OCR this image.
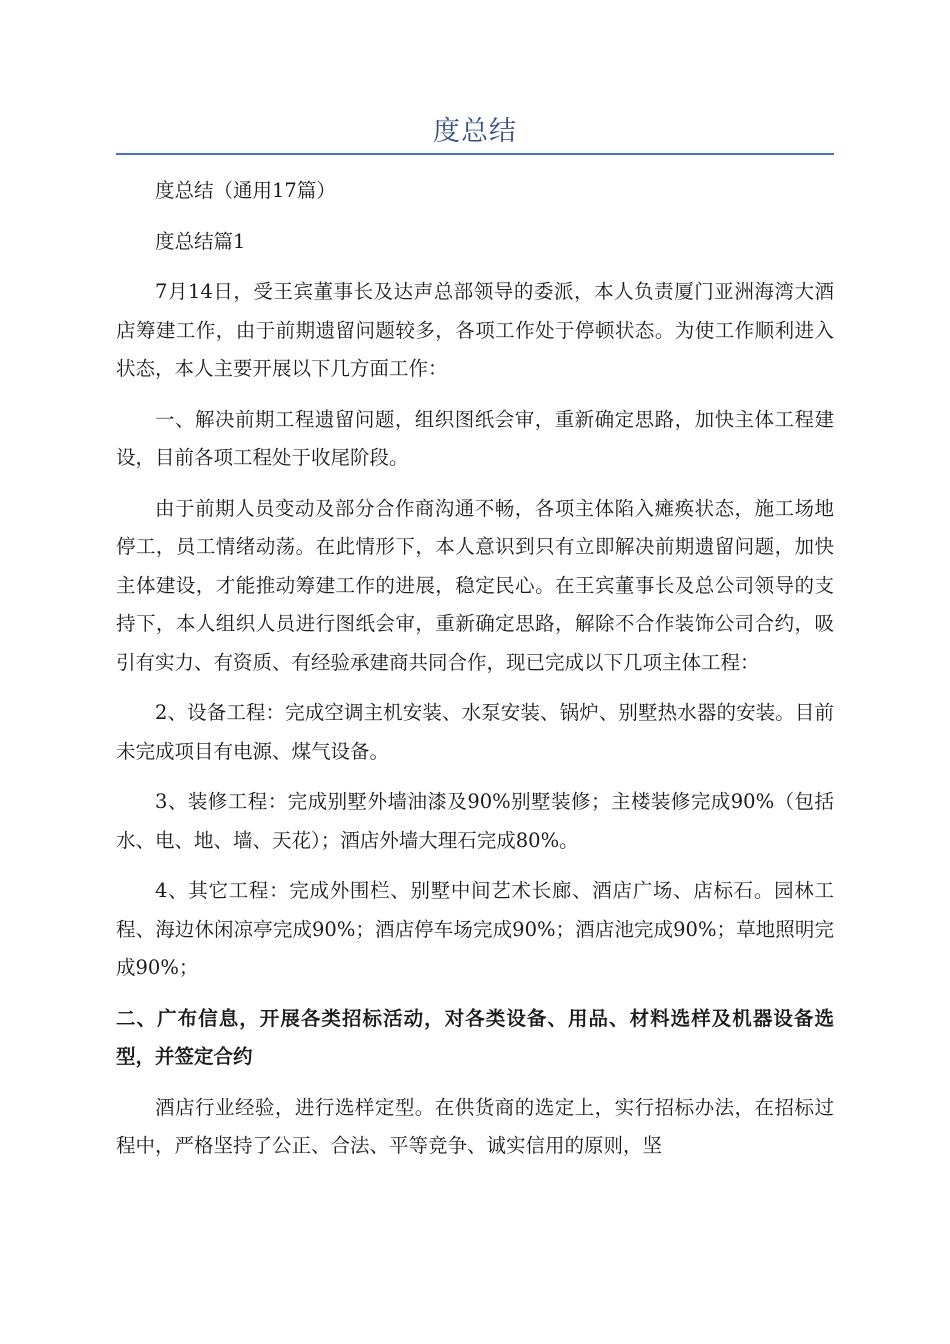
度总结

度总结（通用17篇）

度总结篇1

7月14日，受王宾董事长及达声总部领导的委派，本人负责厦门亚洲海湾大酒店筹建工作，由于前期遗留问题较多，各项工作处于停顿状态。为使工作顺利进入状态，本人主要开展以下几方面工作：

一、解决前期工程遗留问题，组织图纸会审，重新确定思路，加快主体工程建设，目前各项工程处于收尾阶段。

由于前期人员变动及部分合作商沟通不畅，各项主体陷入瘫痪状态，施工场地停工，员工情绪动荡。在此情形下，本人意识到只有立即解决前期遗留问题，加快主体建设，才能推动筹建工作的进展，稳定民心。在王宾董事长及总公司领导的支持下，本人组织人员进行图纸会审，重新确定思路，解除不合作装饰公司合约，吸引有实力、有资质、有经验承建商共同合作，现已完成以下几项主体工程：

2、设备工程：完成空调主机安装、水泵安装、锅炉、别墅热水器的安装。目前未完成项目有电源、煤气设备。

3、装修工程：完成别墅外墙油漆及90%别墅装修；主楼装修完成90%（包括水、电、地、墙、天花）；酒店外墙大理石完成80%。

4、其它工程：完成外围栏、别墅中间艺术长廊、酒店广场、店标石。园林工程、海边休闲凉亭完成90%；酒店停车场完成90%；酒店池完成90%；草地照明完成90%；

二、广布信息，开展各类招标活动，对各类设备、用品、材料选样及机器设备选型，并签定合约

酒店行业经验，进行选样定型。在供货商的选定上，实行招标办法，在招标过程中，严格坚持了公正、合法、平等竞争、诚实信用的原则，坚
